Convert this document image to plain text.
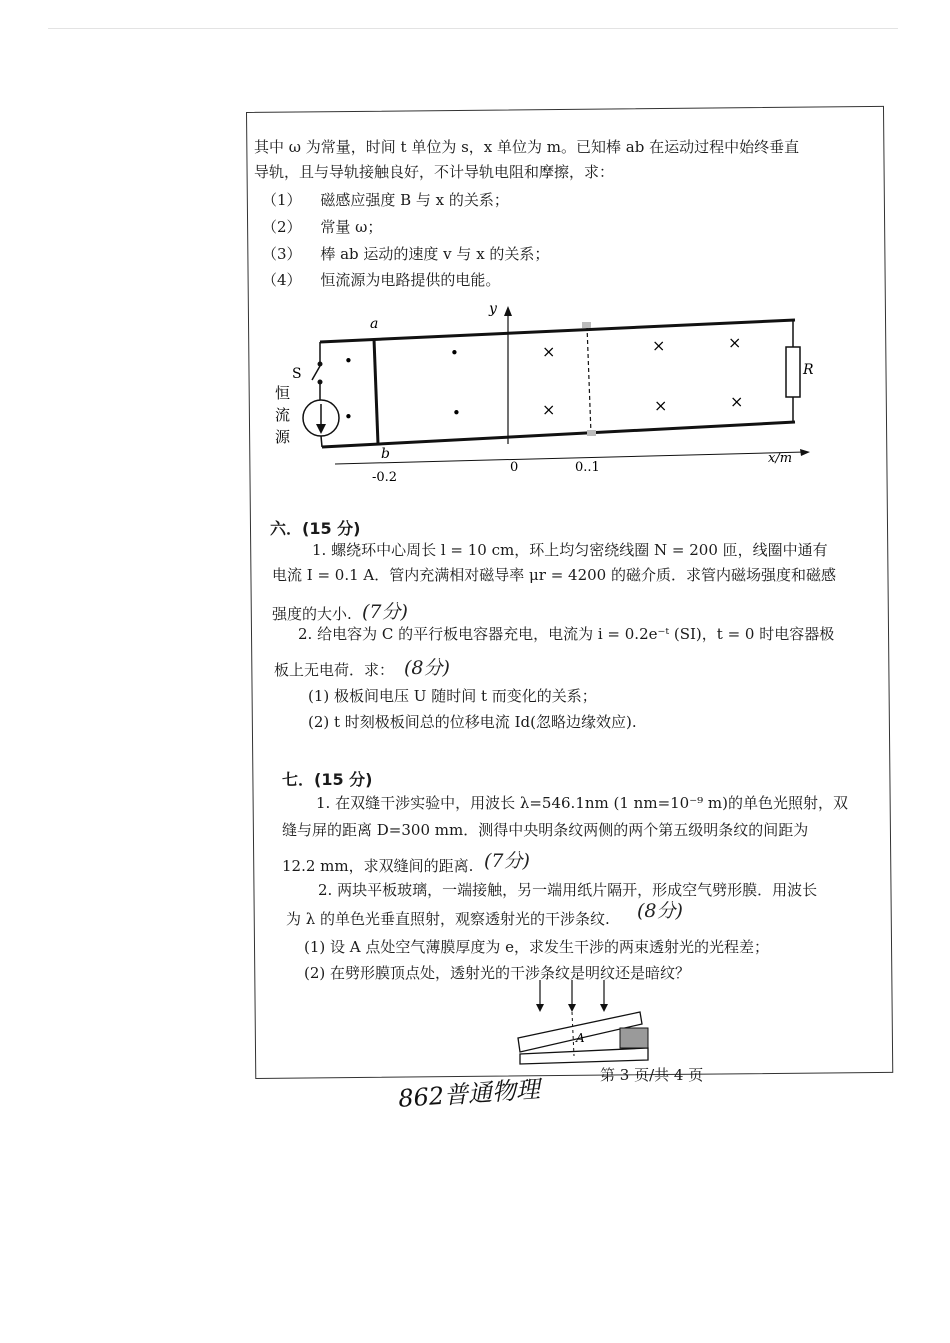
其中 ω 为常量，时间 t 单位为 s，x 单位为 m。已知棒 ab 在运动过程中始终垂直
导轨，且与导轨接触良好，不计导轨电阻和摩擦，求：
（1） 磁感应强度 B 与 x 的关系；
（2） 常量 ω；
（3） 棒 ab 运动的速度 v 与 x 的关系；
（4） 恒流源为电路提供的电能。
•
•
•
•
×
×
×
×
×
×
a
b
y
S	R
恒
流
源
-0.2
0	0..1
x/m
六．(15 分)
1. 螺绕环中心周长 l = 10 cm，环上均匀密绕线圈 N = 200 匝，线圈中通有
电流 I = 0.1 A．管内充满相对磁导率 μr = 4200 的磁介质．求管内磁场强度和磁感
强度的大小. (7分)
2. 给电容为 C 的平行板电容器充电，电流为 i = 0.2e⁻ᵗ (SI)，t = 0 时电容器极
板上无电荷．求： (8分)
(1) 极板间电压 U 随时间 t 而变化的关系；
(2) t 时刻极板间总的位移电流 Id(忽略边缘效应).
七．(15 分)
1. 在双缝干涉实验中，用波长 λ=546.1nm (1 nm=10⁻⁹ m)的单色光照射，双
缝与屏的距离 D=300 mm．测得中央明条纹两侧的两个第五级明条纹的间距为
12.2 mm，求双缝间的距离. (7分)
2. 两块平板玻璃，一端接触，另一端用纸片隔开，形成空气劈形膜．用波长
为 λ 的单色光垂直照射，观察透射光的干涉条纹. (8分)
(1) 设 A 点处空气薄膜厚度为 e，求发生干涉的两束透射光的光程差；
(2) 在劈形膜顶点处，透射光的干涉条纹是明纹还是暗纹？
A
862普通物理
第 3 页/共 4 页
